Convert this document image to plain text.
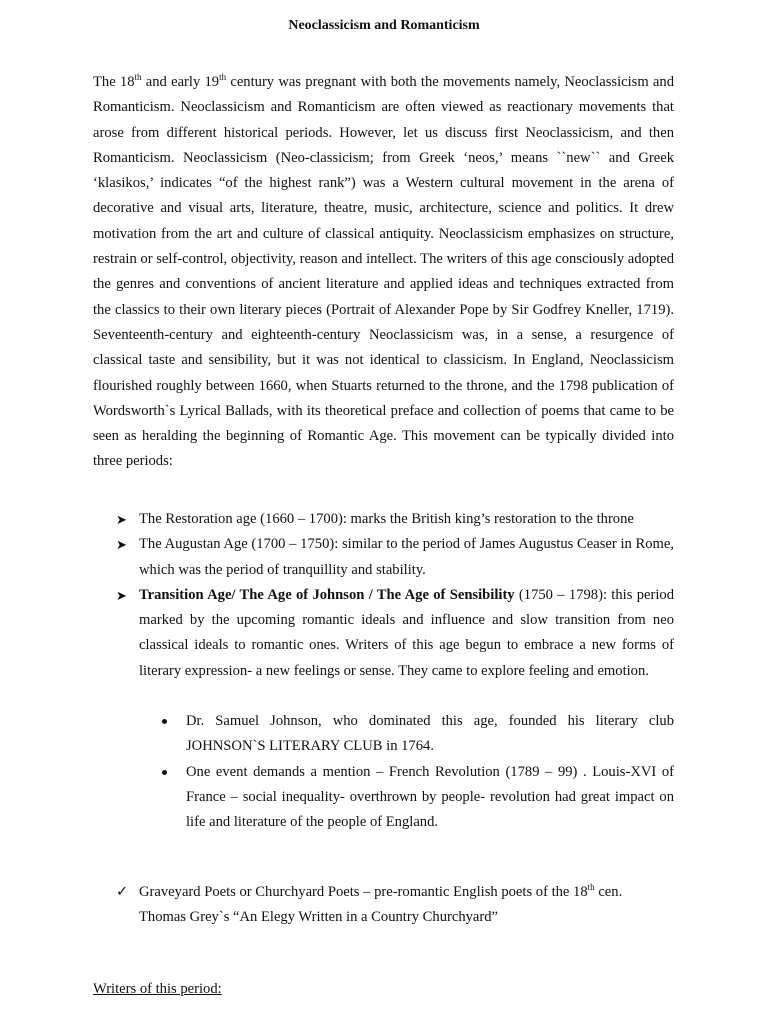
Neoclassicism and Romanticism
The 18th and early 19th century was pregnant with both the movements namely, Neoclassicism and Romanticism. Neoclassicism and Romanticism are often viewed as reactionary movements that arose from different historical periods. However, let us discuss first Neoclassicism, and then Romanticism. Neoclassicism (Neo-classicism; from Greek ‘neos,’ means ``new`` and Greek ‘klasikos,’ indicates “of the highest rank”) was a Western cultural movement in the arena of decorative and visual arts, literature, theatre, music, architecture, science and politics. It drew motivation from the art and culture of classical antiquity. Neoclassicism emphasizes on structure, restrain or self-control, objectivity, reason and intellect. The writers of this age consciously adopted the genres and conventions of ancient literature and applied ideas and techniques extracted from the classics to their own literary pieces (Portrait of Alexander Pope by Sir Godfrey Kneller, 1719). Seventeenth-century and eighteenth-century Neoclassicism was, in a sense, a resurgence of classical taste and sensibility, but it was not identical to classicism. In England, Neoclassicism flourished roughly between 1660, when Stuarts returned to the throne, and the 1798 publication of Wordsworth`s Lyrical Ballads, with its theoretical preface and collection of poems that came to be seen as heralding the beginning of Romantic Age. This movement can be typically divided into three periods:
➤ The Restoration age (1660 – 1700): marks the British king’s restoration to the throne
➤ The Augustan Age (1700 – 1750): similar to the period of James Augustus Ceaser in Rome, which was the period of tranquillity and stability.
➤ Transition Age/ The Age of Johnson / The Age of Sensibility (1750 – 1798): this period marked by the upcoming romantic ideals and influence and slow transition from neo classical ideals to romantic ones. Writers of this age begun to embrace a new forms of literary expression- a new feelings or sense. They came to explore feeling and emotion.
Dr. Samuel Johnson, who dominated this age, founded his literary club JOHNSON`S LITERARY CLUB in 1764.
One event demands a mention – French Revolution (1789 – 99) . Louis-XVI of France – social inequality- overthrown by people- revolution had great impact on life and literature of the people of England.
✓ Graveyard Poets or Churchyard Poets – pre-romantic English poets of the 18th cen.
Thomas Grey`s “An Elegy Written in a Country Churchyard”
Writers of this period:
